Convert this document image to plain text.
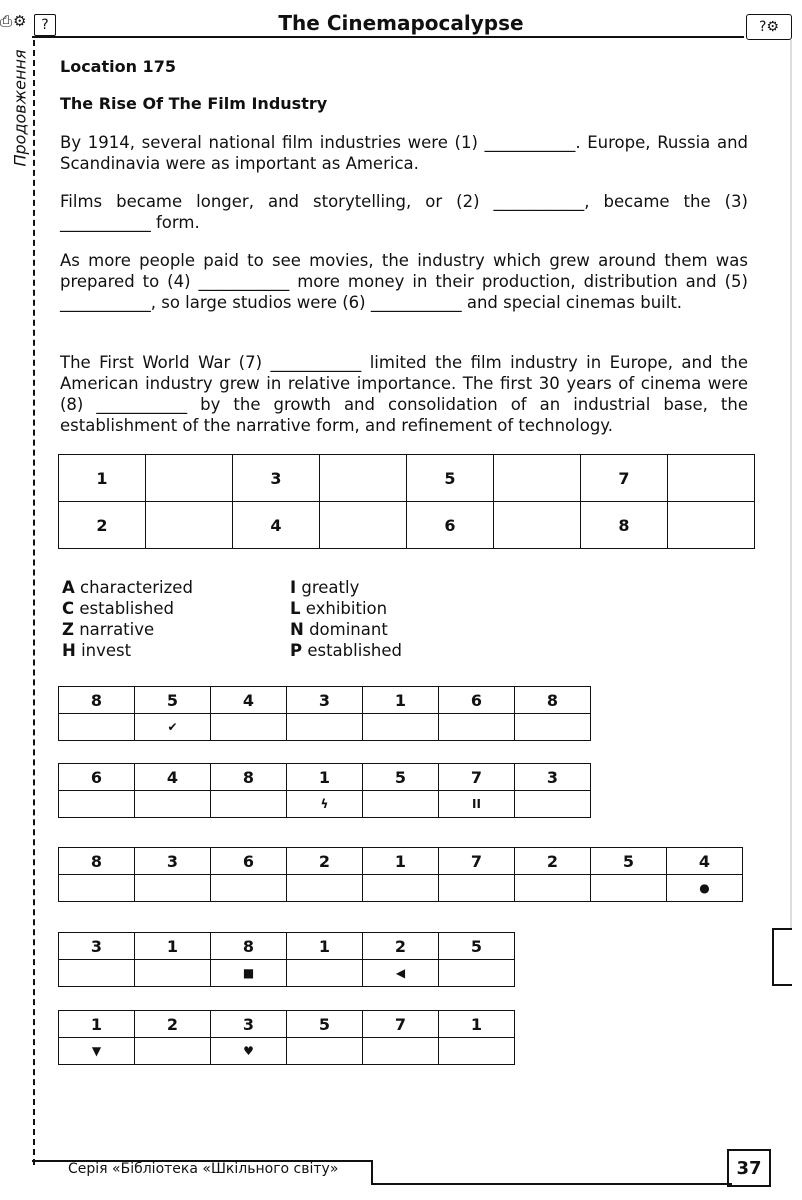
⎙⚙ ?	The Cinemapocalypse	?⚙
Продовження Location 175
The Rise Of The Film Industry

By 1914, several national film industries were (1) ___________. Europe, Russia and Scandinavia were as important as America.

Films became longer, and storytelling, or (2) ___________, became the (3) ___________ form.

As more people paid to see movies, the industry which grew around them was prepared to (4) ___________ more money in their production, distribution and (5) ___________, so large studios were (6) ___________ and special cinemas built.

The First World War (7) ___________ limited the film industry in Europe, and the American industry grew in relative importance. The first 30 years of cinema were (8) ___________ by the growth and consolidation of an industrial base, the establishment of the narrative form, and refinement of technology.

1		3		5		7	
2		4		6		8	
A characterized
C established
Z narrative
H invest
I greatly
L exhibition
N dominant
P established
8	5	4	3	1	6	8
	✔					
6	4	8	1	5	7	3
			ϟ		II	
8	3	6	2	1	7	2	5	4
								●
3	1	8	1	2	5
		■		◀	
1	2	3	5	7	1
▼		♥			
Серія «Бібліотека «Шкільного світу»	37
